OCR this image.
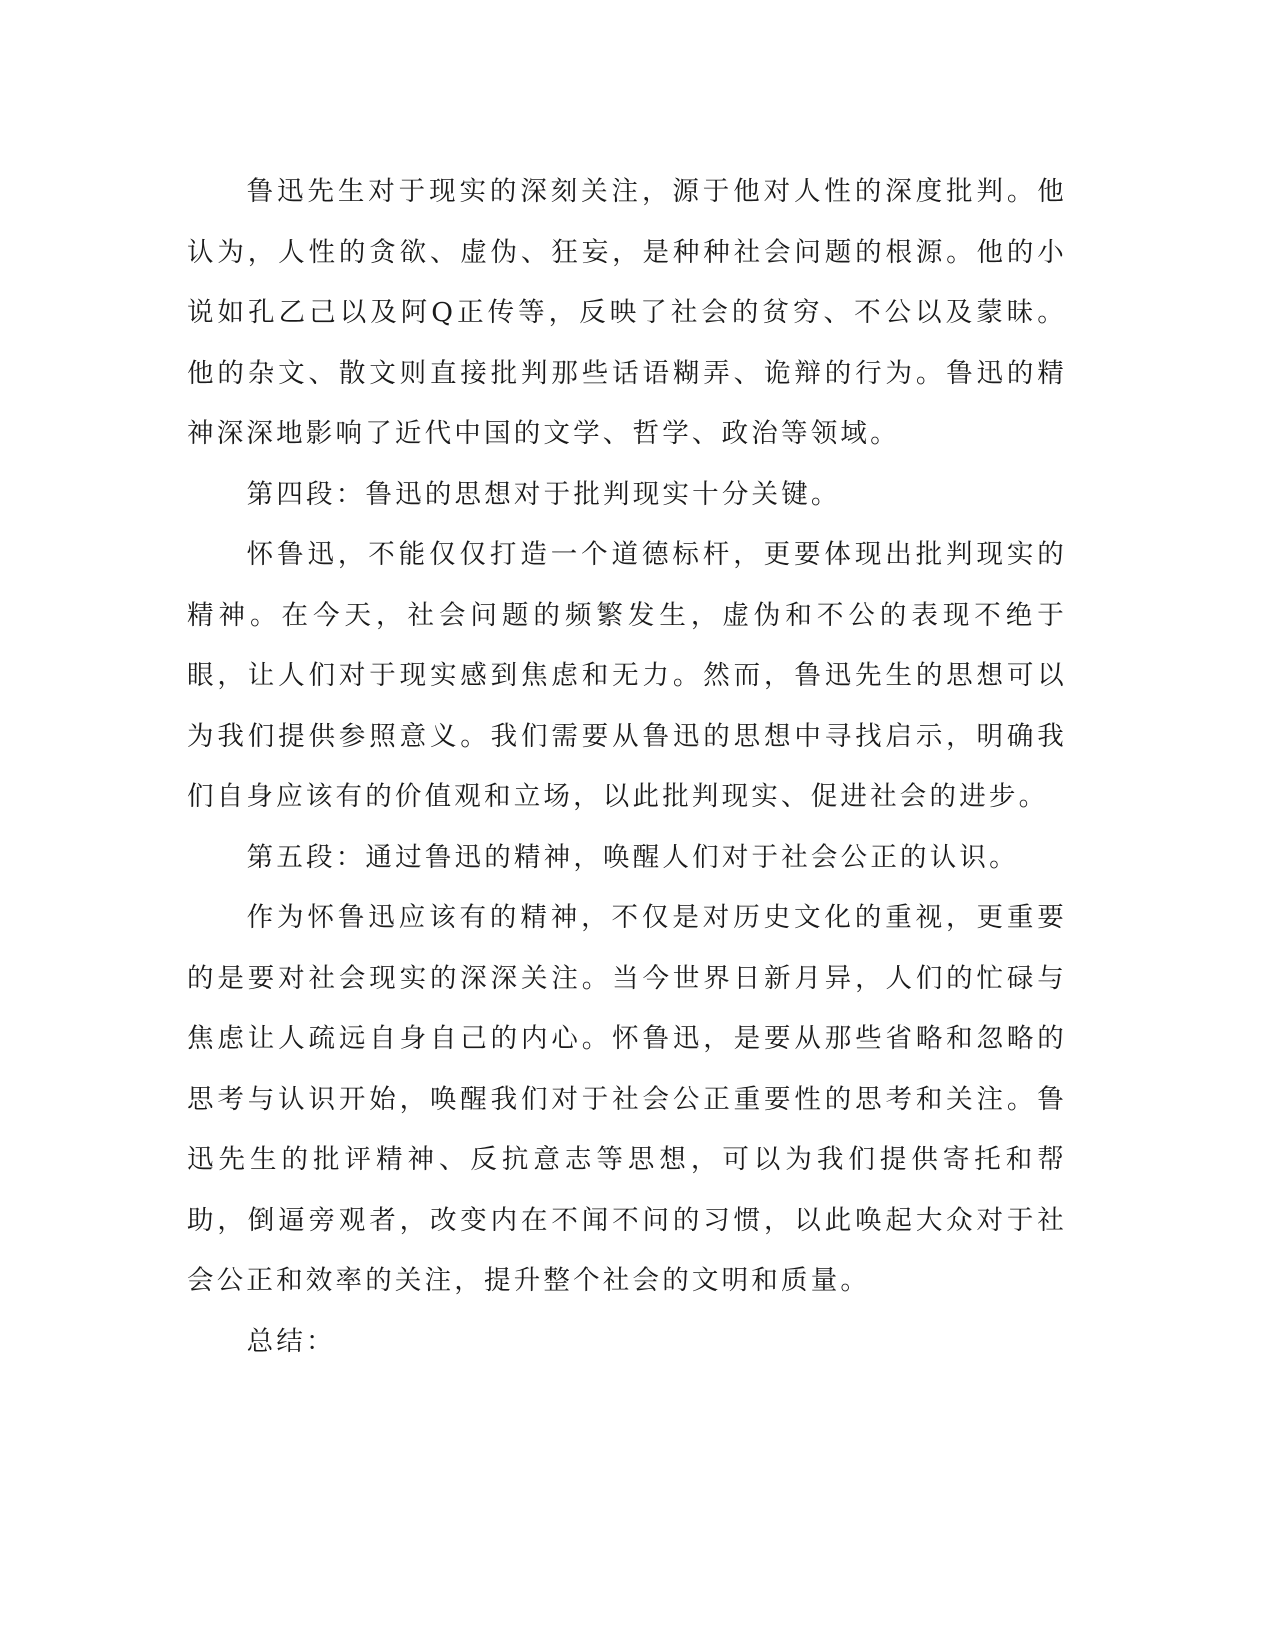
鲁迅先生对于现实的深刻关注，源于他对人性的深度批判。他认为，人性的贪欲、虚伪、狂妄，是种种社会问题的根源。他的小说如孔乙己以及阿Q正传等，反映了社会的贫穷、不公以及蒙昧。他的杂文、散文则直接批判那些话语糊弄、诡辩的行为。鲁迅的精神深深地影响了近代中国的文学、哲学、政治等领域。

第四段：鲁迅的思想对于批判现实十分关键。

怀鲁迅，不能仅仅打造一个道德标杆，更要体现出批判现实的精神。在今天，社会问题的频繁发生，虚伪和不公的表现不绝于眼，让人们对于现实感到焦虑和无力。然而，鲁迅先生的思想可以为我们提供参照意义。我们需要从鲁迅的思想中寻找启示，明确我们自身应该有的价值观和立场，以此批判现实、促进社会的进步。

第五段：通过鲁迅的精神，唤醒人们对于社会公正的认识。

作为怀鲁迅应该有的精神，不仅是对历史文化的重视，更重要的是要对社会现实的深深关注。当今世界日新月异，人们的忙碌与焦虑让人疏远自身自己的内心。怀鲁迅，是要从那些省略和忽略的思考与认识开始，唤醒我们对于社会公正重要性的思考和关注。鲁迅先生的批评精神、反抗意志等思想，可以为我们提供寄托和帮助，倒逼旁观者，改变内在不闻不问的习惯，以此唤起大众对于社会公正和效率的关注，提升整个社会的文明和质量。

总结：
